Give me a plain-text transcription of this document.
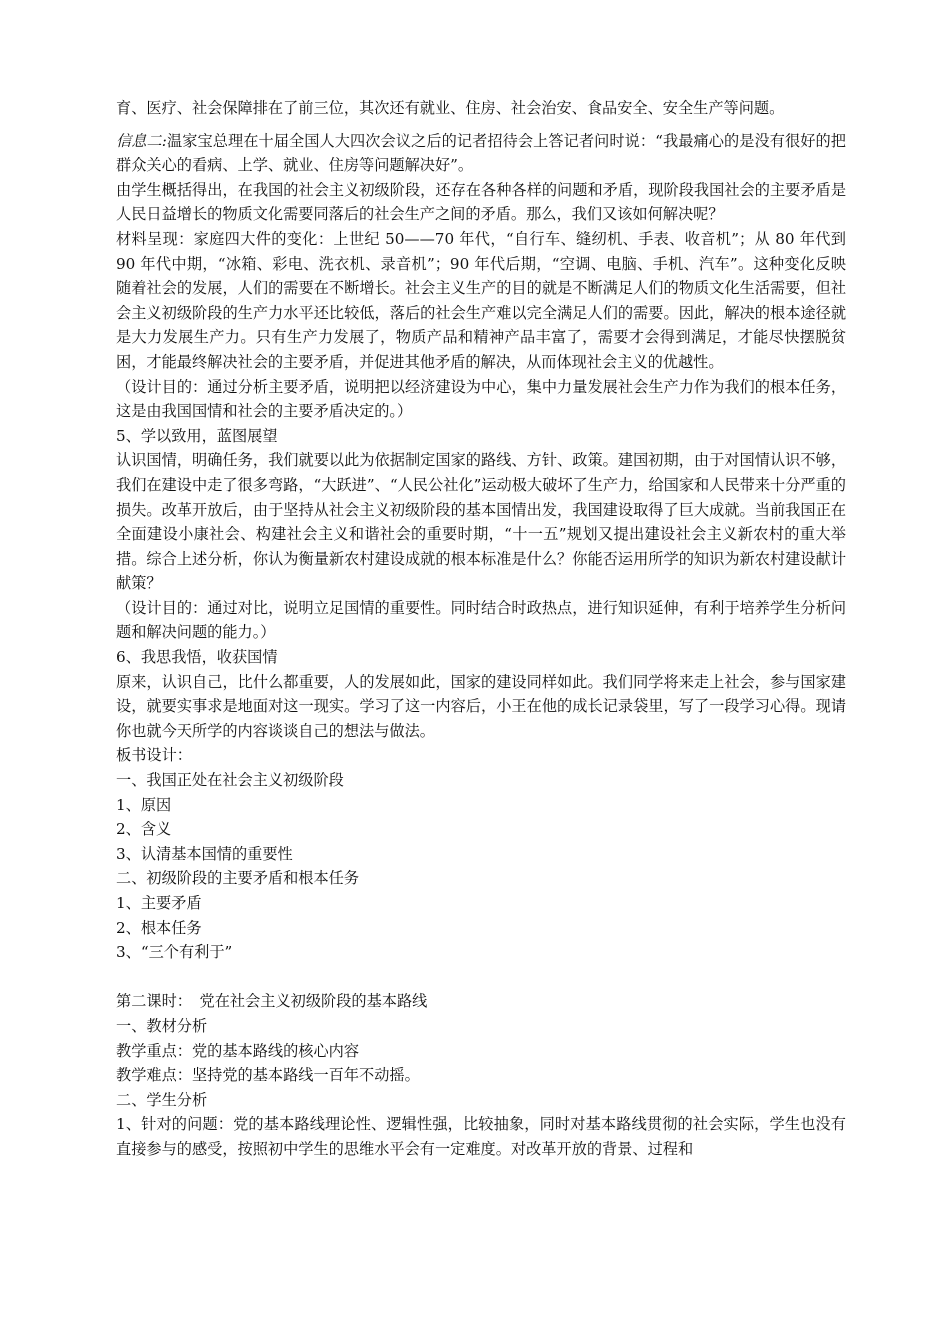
育、医疗、社会保障排在了前三位，其次还有就业、住房、社会治安、食品安全、安全生产等问题。

信息二:温家宝总理在十届全国人大四次会议之后的记者招待会上答记者问时说：“我最痛心的是没有很好的把群众关心的看病、上学、就业、住房等问题解决好”。

由学生概括得出，在我国的社会主义初级阶段，还存在各种各样的问题和矛盾，现阶段我国社会的主要矛盾是人民日益增长的物质文化需要同落后的社会生产之间的矛盾。那么，我们又该如何解决呢？

材料呈现：家庭四大件的变化：上世纪 50——70 年代，“自行车、缝纫机、手表、收音机”；从 80 年代到 90 年代中期，“冰箱、彩电、洗衣机、录音机”；90 年代后期，“空调、电脑、手机、汽车”。这种变化反映随着社会的发展，人们的需要在不断增长。社会主义生产的目的就是不断满足人们的物质文化生活需要，但社会主义初级阶段的生产力水平还比较低，落后的社会生产难以完全满足人们的需要。因此，解决的根本途径就是大力发展生产力。只有生产力发展了，物质产品和精神产品丰富了，需要才会得到满足，才能尽快摆脱贫困，才能最终解决社会的主要矛盾，并促进其他矛盾的解决，从而体现社会主义的优越性。

（设计目的：通过分析主要矛盾，说明把以经济建设为中心，集中力量发展社会生产力作为我们的根本任务，这是由我国国情和社会的主要矛盾决定的。）

5、学以致用，蓝图展望

认识国情，明确任务，我们就要以此为依据制定国家的路线、方针、政策。建国初期，由于对国情认识不够，我们在建设中走了很多弯路，“大跃进”、“人民公社化”运动极大破坏了生产力，给国家和人民带来十分严重的损失。改革开放后，由于坚持从社会主义初级阶段的基本国情出发，我国建设取得了巨大成就。当前我国正在全面建设小康社会、构建社会主义和谐社会的重要时期，“十一五”规划又提出建设社会主义新农村的重大举措。综合上述分析，你认为衡量新农村建设成就的根本标准是什么？你能否运用所学的知识为新农村建设献计献策？

（设计目的：通过对比，说明立足国情的重要性。同时结合时政热点，进行知识延伸，有利于培养学生分析问题和解决问题的能力。）

6、我思我悟，收获国情

原来，认识自己，比什么都重要，人的发展如此，国家的建设同样如此。我们同学将来走上社会，参与国家建设，就要实事求是地面对这一现实。学习了这一内容后，小王在他的成长记录袋里，写了一段学习心得。现请你也就今天所学的内容谈谈自己的想法与做法。

板书设计：

一、我国正处在社会主义初级阶段

1、原因

2、含义

3、认清基本国情的重要性

二、初级阶段的主要矛盾和根本任务

1、主要矛盾

2、根本任务

3、“三个有利于”

第二课时：　党在社会主义初级阶段的基本路线

一、教材分析

教学重点：党的基本路线的核心内容

教学难点：坚持党的基本路线一百年不动摇。

二、学生分析

1、针对的问题：党的基本路线理论性、逻辑性强，比较抽象，同时对基本路线贯彻的社会实际，学生也没有直接参与的感受，按照初中学生的思维水平会有一定难度。对改革开放的背景、过程和
